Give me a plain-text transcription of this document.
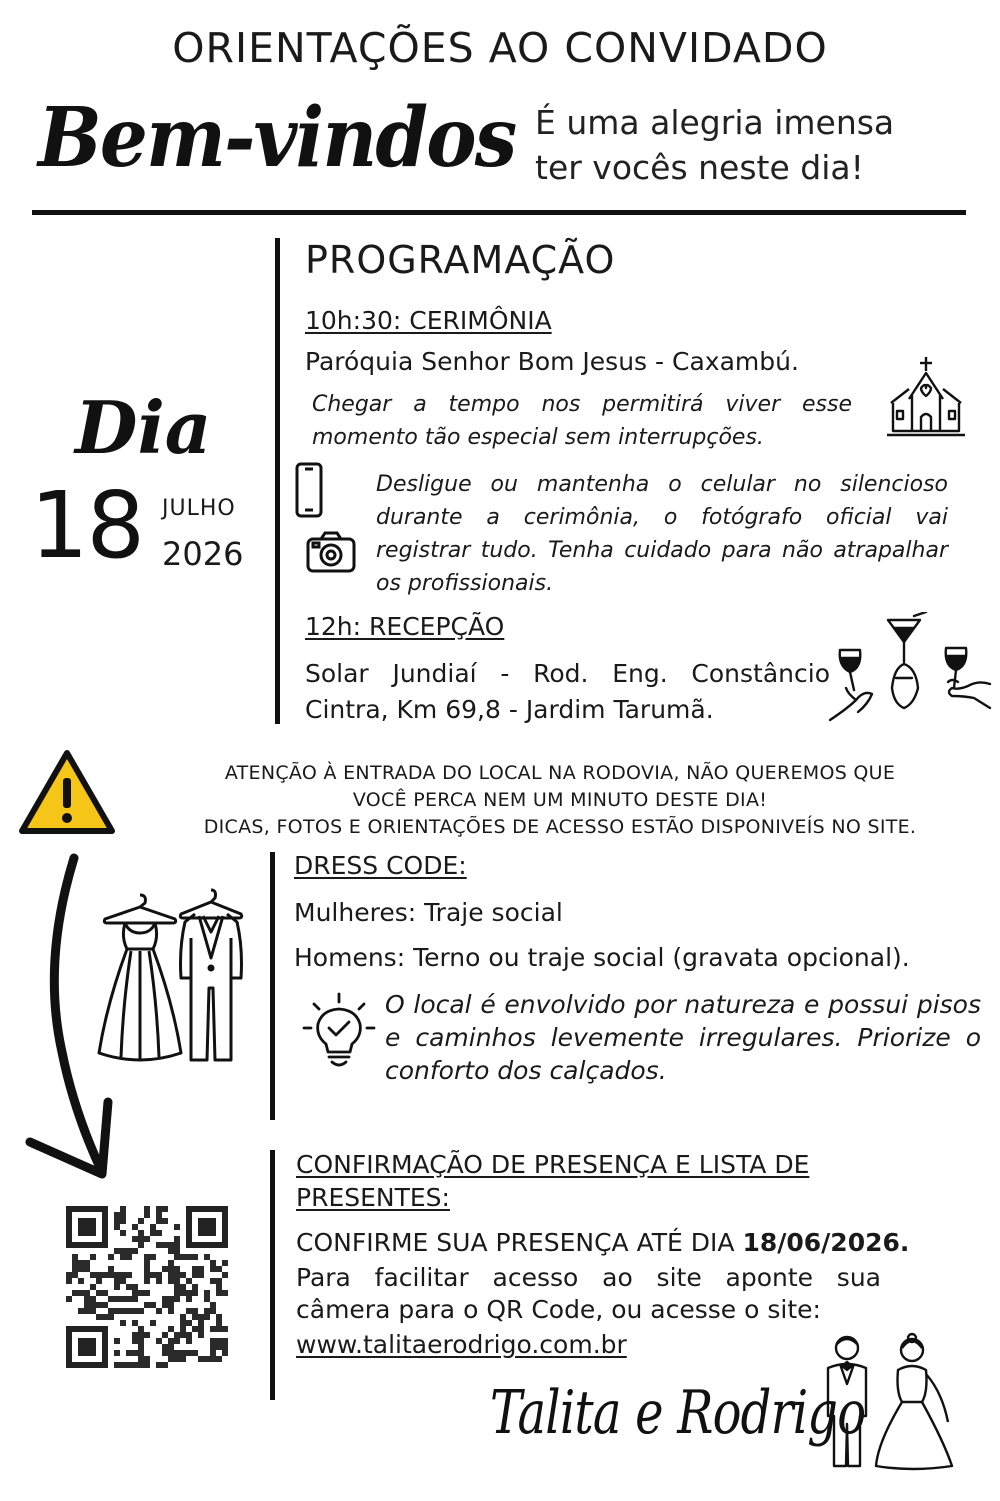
ORIENTAÇÕES AO CONVIDADO
Bem-vindos É uma alegria imensa
ter vocês neste dia!
Dia
18 JULHO
2026
PROGRAMAÇÃO
10h:30: CERIMÔNIA
Paróquia Senhor Bom Jesus - Caxambú.
Chegar a tempo nos permitirá viver esse momento tão especial sem interrupções.
Desligue ou mantenha o celular no silencioso durante a cerimônia, o fotógrafo oficial vai registrar tudo. Tenha cuidado para não atrapalhar os profissionais.
12h: RECEPÇÃO
Solar Jundiaí - Rod. Eng. Constâncio Cintra, Km 69,8 - Jardim Tarumã.
ATENÇÃO À ENTRADA DO LOCAL NA RODOVIA, NÃO QUEREMOS QUE
VOCÊ PERCA NEM UM MINUTO DESTE DIA!
DICAS, FOTOS E ORIENTAÇÕES DE ACESSO ESTÃO DISPONIVEÍS NO SITE.
DRESS CODE:
Mulheres: Traje social
Homens: Terno ou traje social (gravata opcional).
O local é envolvido por natureza e possui pisos e caminhos levemente irregulares. Priorize o conforto dos calçados.
CONFIRMAÇÃO DE PRESENÇA E LISTA DE PRESENTES:
CONFIRME SUA PRESENÇA ATÉ DIA 18/06/2026.
Para facilitar acesso ao site aponte sua câmera para o QR Code, ou acesse o site:
www.talitaerodrigo.com.br
Talita e Rodrigo
